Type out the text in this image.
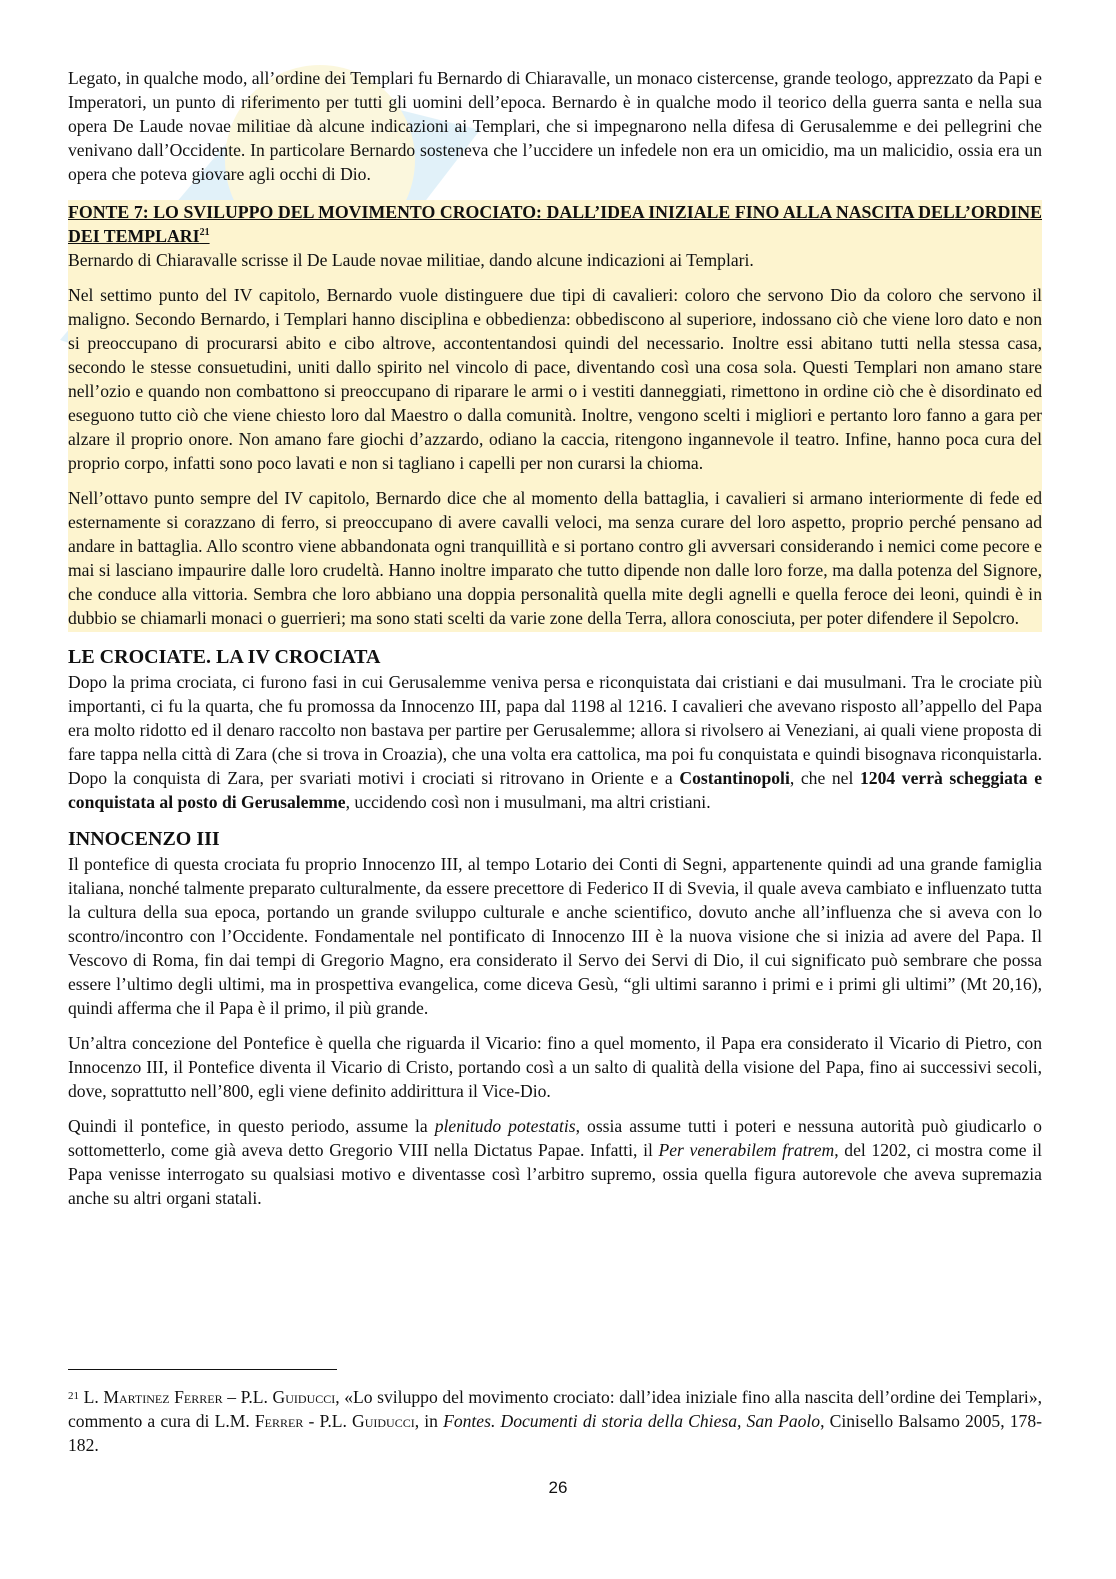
Legato, in qualche modo, all’ordine dei Templari fu Bernardo di Chiaravalle, un monaco cistercense, grande teologo, apprezzato da Papi e Imperatori, un punto di riferimento per tutti gli uomini dell’epoca. Bernardo è in qualche modo il teorico della guerra santa e nella sua opera De Laude novae militiae dà alcune indicazioni ai Templari, che si impegnarono nella difesa di Gerusalemme e dei pellegrini che venivano dall’Occidente. In particolare Bernardo sosteneva che l’uccidere un infedele non era un omicidio, ma un malicidio, ossia era un opera che poteva giovare agli occhi di Dio.

FONTE 7: LO SVILUPPO DEL MOVIMENTO CROCIATO: DALL’IDEA INIZIALE FINO ALLA NASCITA DELL’ORDINE DEI TEMPLARI$^{21}$

Bernardo di Chiaravalle scrisse il De Laude novae militiae, dando alcune indicazioni ai Templari.

Nel settimo punto del IV capitolo, Bernardo vuole distinguere due tipi di cavalieri: coloro che servono Dio da coloro che servono il maligno. Secondo Bernardo, i Templari hanno disciplina e obbedienza: obbediscono al superiore, indossano ciò che viene loro dato e non si preoccupano di procurarsi abito e cibo altrove, accontentandosi quindi del necessario. Inoltre essi abitano tutti nella stessa casa, secondo le stesse consuetudini, uniti dallo spirito nel vincolo di pace, diventando così una cosa sola. Questi Templari non amano stare nell’ozio e quando non combattono si preoccupano di riparare le armi o i vestiti danneggiati, rimettono in ordine ciò che è disordinato ed eseguono tutto ciò che viene chiesto loro dal Maestro o dalla comunità. Inoltre, vengono scelti i migliori e pertanto loro fanno a gara per alzare il proprio onore. Non amano fare giochi d’azzardo, odiano la caccia, ritengono ingannevole il teatro. Infine, hanno poca cura del proprio corpo, infatti sono poco lavati e non si tagliano i capelli per non curarsi la chioma.

Nell’ottavo punto sempre del IV capitolo, Bernardo dice che al momento della battaglia, i cavalieri si armano interiormente di fede ed esternamente si corazzano di ferro, si preoccupano di avere cavalli veloci, ma senza curare del loro aspetto, proprio perché pensano ad andare in battaglia. Allo scontro viene abbandonata ogni tranquillità e si portano contro gli avversari considerando i nemici come pecore e mai si lasciano impaurire dalle loro crudeltà. Hanno inoltre imparato che tutto dipende non dalle loro forze, ma dalla potenza del Signore, che conduce alla vittoria. Sembra che loro abbiano una doppia personalità quella mite degli agnelli e quella feroce dei leoni, quindi è in dubbio se chiamarli monaci o guerrieri; ma sono stati scelti da varie zone della Terra, allora conosciuta, per poter difendere il Sepolcro.

LE CROCIATE. LA IV CROCIATA

Dopo la prima crociata, ci furono fasi in cui Gerusalemme veniva persa e riconquistata dai cristiani e dai musulmani. Tra le crociate più importanti, ci fu la quarta, che fu promossa da Innocenzo III, papa dal 1198 al 1216. I cavalieri che avevano risposto all’appello del Papa era molto ridotto ed il denaro raccolto non bastava per partire per Gerusalemme; allora si rivolsero ai Veneziani, ai quali viene proposta di fare tappa nella città di Zara (che si trova in Croazia), che una volta era cattolica, ma poi fu conquistata e quindi bisognava riconquistarla. Dopo la conquista di Zara, per svariati motivi i crociati si ritrovano in Oriente e a Costantinopoli, che nel 1204 verrà scheggiata e conquistata al posto di Gerusalemme, uccidendo così non i musulmani, ma altri cristiani.

INNOCENZO III

Il pontefice di questa crociata fu proprio Innocenzo III, al tempo Lotario dei Conti di Segni, appartenente quindi ad una grande famiglia italiana, nonché talmente preparato culturalmente, da essere precettore di Federico II di Svevia, il quale aveva cambiato e influenzato tutta la cultura della sua epoca, portando un grande sviluppo culturale e anche scientifico, dovuto anche all’influenza che si aveva con lo scontro/incontro con l’Occidente. Fondamentale nel pontificato di Innocenzo III è la nuova visione che si inizia ad avere del Papa. Il Vescovo di Roma, fin dai tempi di Gregorio Magno, era considerato il Servo dei Servi di Dio, il cui significato può sembrare che possa essere l’ultimo degli ultimi, ma in prospettiva evangelica, come diceva Gesù, “gli ultimi saranno i primi e i primi gli ultimi” (Mt 20,16), quindi afferma che il Papa è il primo, il più grande.

Un’altra concezione del Pontefice è quella che riguarda il Vicario: fino a quel momento, il Papa era considerato il Vicario di Pietro, con Innocenzo III, il Pontefice diventa il Vicario di Cristo, portando così a un salto di qualità della visione del Papa, fino ai successivi secoli, dove, soprattutto nell’800, egli viene definito addirittura il Vice-Dio.

Quindi il pontefice, in questo periodo, assume la plenitudo potestatis, ossia assume tutti i poteri e nessuna autorità può giudicarlo o sottometterlo, come già aveva detto Gregorio VIII nella Dictatus Papae. Infatti, il Per venerabilem fratrem, del 1202, ci mostra come il Papa venisse interrogato su qualsiasi motivo e diventasse così l’arbitro supremo, ossia quella figura autorevole che aveva supremazia anche su altri organi statali.

$^{21}$ L. Martinez Ferrer – P.L. Guiducci, «Lo sviluppo del movimento crociato: dall’idea iniziale fino alla nascita dell’ordine dei Templari», commento a cura di L.M. Ferrer - P.L. Guiducci, in Fontes. Documenti di storia della Chiesa, San Paolo, Cinisello Balsamo 2005, 178-182.
26
